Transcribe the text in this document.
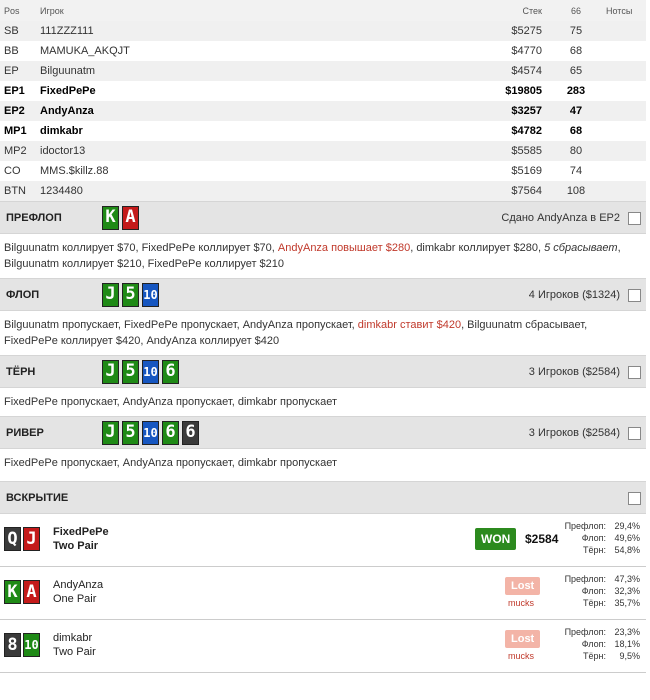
Pos	Игрок	Стек	66	Нотсы
SB	111ZZZ111	$5275	75	
BB	MAMUKA_AKQJT	$4770	68	
EP	Bilguunatm	$4574	65	
EP1	FixedPePe	$19805	283	
EP2	AndyAnza	$3257	47	
MP1	dimkabr	$4782	68	
MP2	idoctor13	$5585	80	
CO	MMS.$killz.88	$5169	74	
BTN	1234480	$7564	108	
ПРЕФЛОП	K A	Сдано AndyAnza в EP2
Bilguunatm коллирует $70, FixedPePe коллирует $70, AndyAnza повышает $280, dimkabr коллирует $280, 5 сбрасывает, Bilguunatm коллирует $210, FixedPePe коллирует $210
ФЛОП	J 5 10	4 Игроков ($1324)
Bilguunatm пропускает, FixedPePe пропускает, AndyAnza пропускает, dimkabr ставит $420, Bilguunatm сбрасывает, FixedPePe коллирует $420, AndyAnza коллирует $420
ТЁРН	J 5 10 6	3 Игроков ($2584)
FixedPePe пропускает, AndyAnza пропускает, dimkabr пропускает
РИВЕР	J 5 10 6 6	3 Игроков ($2584)
FixedPePe пропускает, AndyAnza пропускает, dimkabr пропускает
ВСКРЫТИЕ
Q J	FixedPePe
Two Pair	WON	$2584
Префлоп: 29,4%
Флоп: 49,6%
Тёрн: 54,8%
K A	AndyAnza
One Pair
Lost
mucks
Префлоп: 47,3%
Флоп: 32,3%
Тёрн: 35,7%
8 10 dimkabr
Two Pair
Lost
mucks
Префлоп: 23,3%
Флоп: 18,1%
Тёрн: 9,5%
